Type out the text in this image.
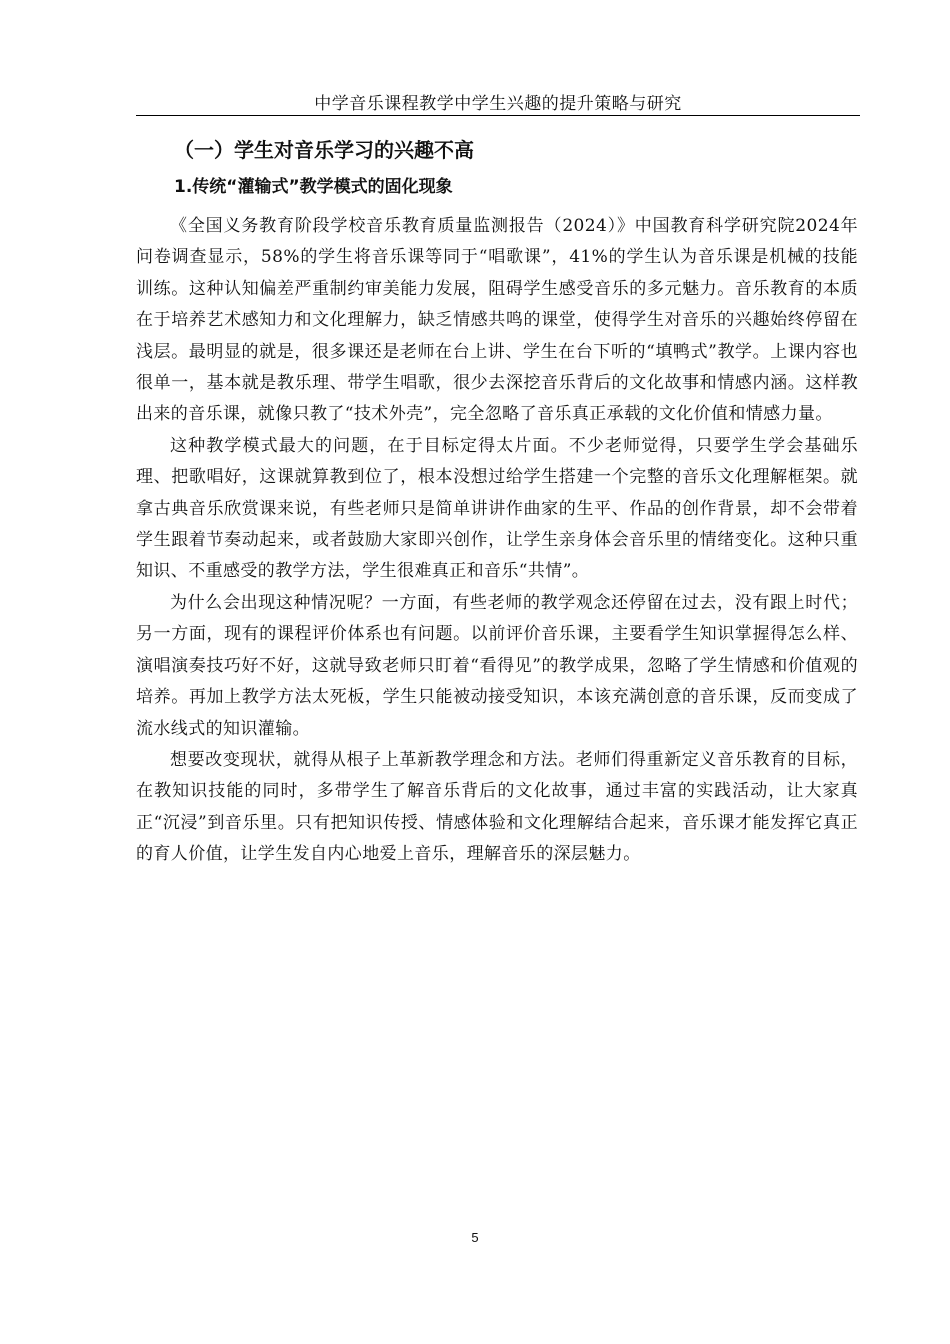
中学音乐课程教学中学生兴趣的提升策略与研究
（一）学生对音乐学习的兴趣不高
1.传统“灌输式”教学模式的固化现象

《全国义务教育阶段学校音乐教育质量监测报告（2024）》中国教育科学研究院2024年问卷调查显示，58%的学生将音乐课等同于“唱歌课”，41%的学生认为音乐课是机械的技能训练。这种认知偏差严重制约审美能力发展，阻碍学生感受音乐的多元魅力。音乐教育的本质在于培养艺术感知力和文化理解力，缺乏情感共鸣的课堂，使得学生对音乐的兴趣始终停留在浅层。最明显的就是，很多课还是老师在台上讲、学生在台下听的“填鸭式”教学。上课内容也很单一，基本就是教乐理、带学生唱歌，很少去深挖音乐背后的文化故事和情感内涵。这样教出来的音乐课，就像只教了“技术外壳”，完全忽略了音乐真正承载的文化价值和情感力量。

这种教学模式最大的问题，在于目标定得太片面。不少老师觉得，只要学生学会基础乐理、把歌唱好，这课就算教到位了，根本没想过给学生搭建一个完整的音乐文化理解框架。就拿古典音乐欣赏课来说，有些老师只是简单讲讲作曲家的生平、作品的创作背景，却不会带着学生跟着节奏动起来，或者鼓励大家即兴创作，让学生亲身体会音乐里的情绪变化。这种只重知识、不重感受的教学方法，学生很难真正和音乐“共情”。

为什么会出现这种情况呢？一方面，有些老师的教学观念还停留在过去，没有跟上时代；另一方面，现有的课程评价体系也有问题。以前评价音乐课，主要看学生知识掌握得怎么样、演唱演奏技巧好不好，这就导致老师只盯着“看得见”的教学成果，忽略了学生情感和价值观的培养。再加上教学方法太死板，学生只能被动接受知识，本该充满创意的音乐课，反而变成了流水线式的知识灌输。

想要改变现状，就得从根子上革新教学理念和方法。老师们得重新定义音乐教育的目标，在教知识技能的同时，多带学生了解音乐背后的文化故事，通过丰富的实践活动，让大家真正“沉浸”到音乐里。只有把知识传授、情感体验和文化理解结合起来，音乐课才能发挥它真正的育人价值，让学生发自内心地爱上音乐，理解音乐的深层魅力。

5
